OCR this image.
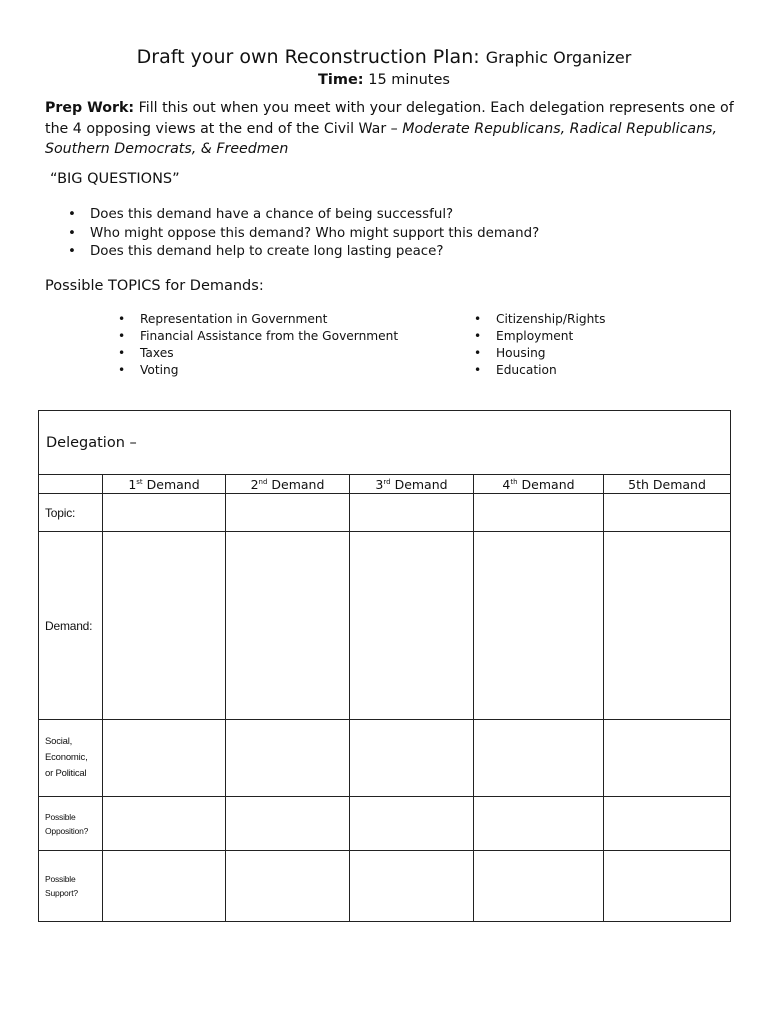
Draft your own Reconstruction Plan: Graphic Organizer
Time: 15 minutes
Prep Work: Fill this out when you meet with your delegation. Each delegation represents one of the 4 opposing views at the end of the Civil War – Moderate Republicans, Radical Republicans, Southern Democrats, & Freedmen
“BIG QUESTIONS”
• Does this demand have a chance of being successful?
• Who might oppose this demand? Who might support this demand?
• Does this demand help to create long lasting peace?
Possible TOPICS for Demands:
• Representation in Government
• Financial Assistance from the Government
• Taxes
• Voting
• Citizenship/Rights
• Employment
• Housing
• Education
Delegation –					
	1st Demand	2nd Demand	3rd Demand	4th Demand	5th Demand
Topic:					
Demand:					

Social, Economic, or Political					

Possible Opposition?					

Possible Support?					
